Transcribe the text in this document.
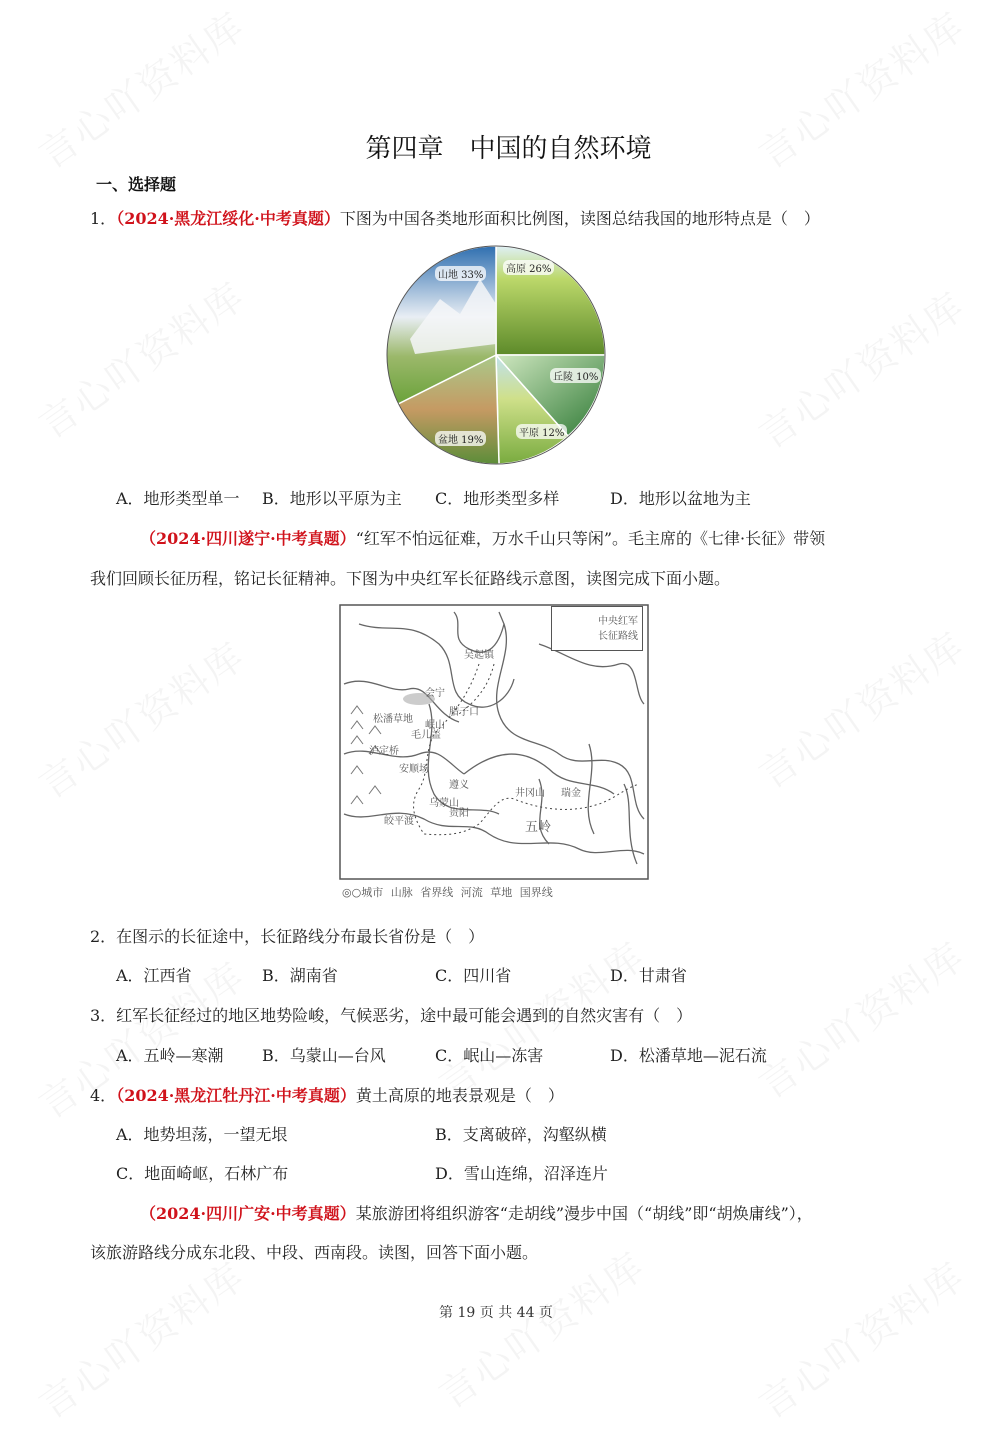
第四章　中国的自然环境
一、选择题
1．（2024·黑龙江绥化·中考真题）下图为中国各类地形面积比例图，读图总结我国的地形特点是（　）
山地 33%
高原 26%
丘陵 10%
平原 12%
盆地 19%
A．地形类型单一 B．地形以平原为主 C．地形类型多样	D．地形以盆地为主
（2024·四川遂宁·中考真题）“红军不怕远征难，万水千山只等闲”。毛主席的《七律·长征》带领
我们回顾长征历程，铭记长征精神。下图为中央红军长征路线示意图，读图完成下面小题。
吴起镇
会宁
腊子口
松潘草地
岷山
毛儿盖
泸定桥
安顺场
遵义
乌蒙山
贵阳
皎平渡
井冈山 瑞金
五岭
中央红军
长征路线
◎○城市 山脉 省界线 河流 草地 国界线
2．在图示的长征途中，长征路线分布最长省份是（　）
A．江西省	B．湖南省	C．四川省	D．甘肃省
3．红军长征经过的地区地势险峻，气候恶劣，途中最可能会遇到的自然灾害有（　）
A．五岭—寒潮 B．乌蒙山—台风	C．岷山—冻害	D．松潘草地—泥石流
4．（2024·黑龙江牡丹江·中考真题）黄土高原的地表景观是（　）
A．地势坦荡，一望无垠	B．支离破碎，沟壑纵横
C．地面崎岖，石林广布	D．雪山连绵，沼泽连片
（2024·四川广安·中考真题）某旅游团将组织游客“走胡线”漫步中国（“胡线”即“胡焕庸线”），
该旅游路线分成东北段、中段、西南段。读图，回答下面小题。
第 19 页 共 44 页
